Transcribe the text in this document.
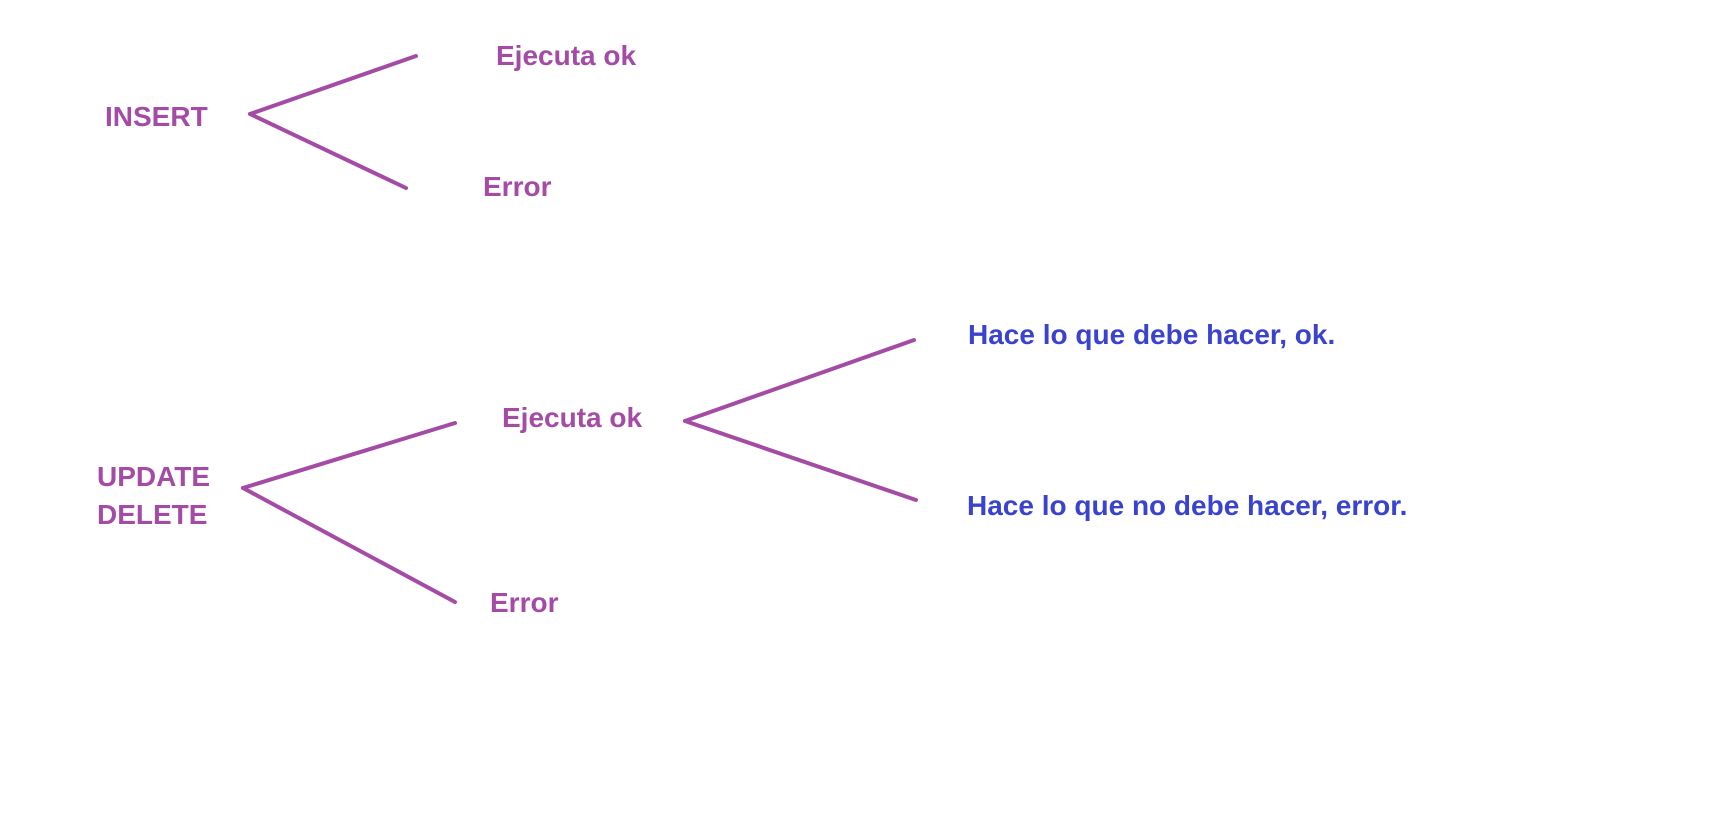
INSERT
Ejecuta ok
Error
UPDATE
DELETE
Ejecuta ok
Error
Hace lo que debe hacer, ok.
Hace lo que no debe hacer, error.
